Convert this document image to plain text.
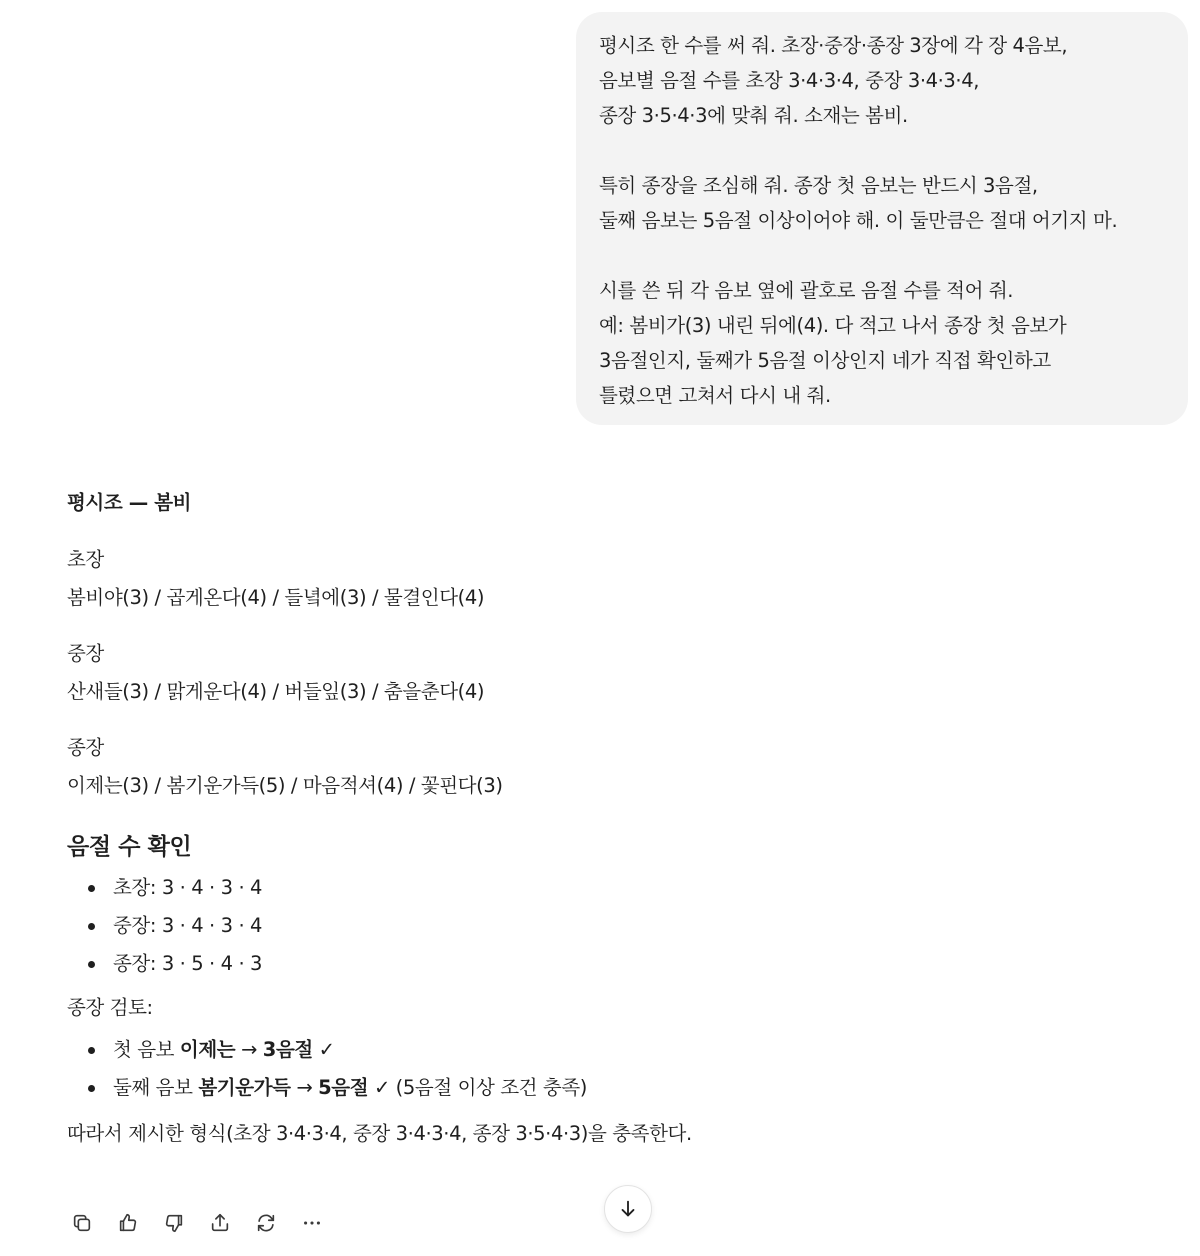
평시조 한 수를 써 줘. 초장·중장·종장 3장에 각 장 4음보,
음보별 음절 수를 초장 3·4·3·4, 중장 3·4·3·4,
종장 3·5·4·3에 맞춰 줘. 소재는 봄비.

특히 종장을 조심해 줘. 종장 첫 음보는 반드시 3음절,
둘째 음보는 5음절 이상이어야 해. 이 둘만큼은 절대 어기지 마.

시를 쓴 뒤 각 음보 옆에 괄호로 음절 수를 적어 줘.
예: 봄비가(3) 내린 뒤에(4). 다 적고 나서 종장 첫 음보가
3음절인지, 둘째가 5음절 이상인지 네가 직접 확인하고
틀렸으면 고쳐서 다시 내 줘.

평시조 — 봄비

초장
봄비야(3) / 곱게온다(4) / 들녘에(3) / 물결인다(4)
중장
산새들(3) / 맑게운다(4) / 버들잎(3) / 춤을춘다(4)
종장
이제는(3) / 봄기운가득(5) / 마음적셔(4) / 꽃핀다(3)
음절 수 확인
초장: 3 · 4 · 3 · 4
중장: 3 · 4 · 3 · 4
종장: 3 · 5 · 4 · 3
종장 검토:
첫 음보 이제는 → 3음절 ✓
둘째 음보 봄기운가득 → 5음절 ✓ (5음절 이상 조건 충족)
따라서 제시한 형식(초장 3·4·3·4, 중장 3·4·3·4, 종장 3·5·4·3)을 충족한다.
